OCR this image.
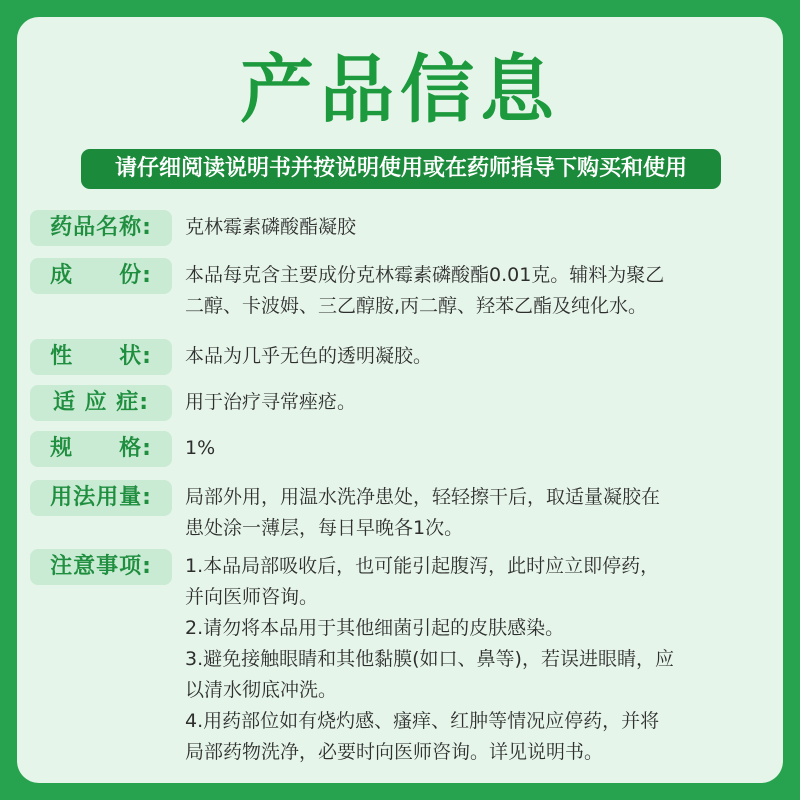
产品信息
请仔细阅读说明书并按说明使用或在药师指导下购买和使用
药品名称:	克林霉素磷酸酯凝胶

成　　份:	本品每克含主要成份克林霉素磷酸酯0.01克。辅料为聚乙

二醇、卡波姆、三乙醇胺,丙二醇、羟苯乙酯及纯化水。

性　　状:	本品为几乎无色的透明凝胶。

适 应 症:	用于治疗寻常痤疮。

规　　格:	1%

用法用量:	局部外用，用温水洗净患处，轻轻擦干后，取适量凝胶在

患处涂一薄层，每日早晚各1次。

注意事项:	1.本品局部吸收后，也可能引起腹泻，此时应立即停药，

并向医师咨询。

2.请勿将本品用于其他细菌引起的皮肤感染。

3.避免接触眼睛和其他黏膜(如口、鼻等)，若误进眼睛，应

以清水彻底冲洗。

4.用药部位如有烧灼感、瘙痒、红肿等情况应停药，并将

局部药物洗净，必要时向医师咨询。详见说明书。
